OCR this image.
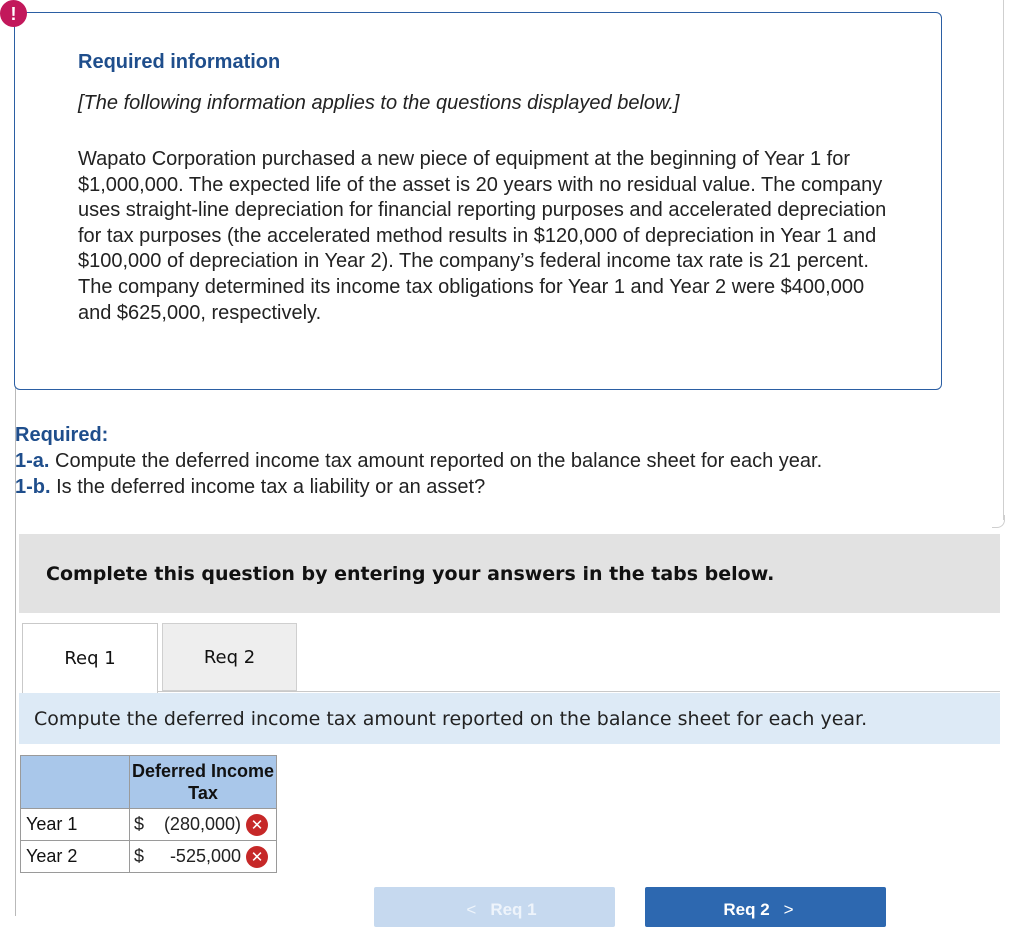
!
Required information
[The following information applies to the questions displayed below.]
Wapato Corporation purchased a new piece of equipment at the beginning of Year 1 for $1,000,000. The expected life of the asset is 20 years with no residual value. The company uses straight-line depreciation for financial reporting purposes and accelerated depreciation for tax purposes (the accelerated method results in $120,000 of depreciation in Year 1 and $100,000 of depreciation in Year 2). The company’s federal income tax rate is 21 percent. The company determined its income tax obligations for Year 1 and Year 2 were $400,000 and $625,000, respectively.
Required:
1-a. Compute the deferred income tax amount reported on the balance sheet for each year.
1-b. Is the deferred income tax a liability or an asset?
Complete this question by entering your answers in the tabs below.
Req 1	Req 2
Compute the deferred income tax amount reported on the balance sheet for each year.
	Deferred Income Tax
Year 1	$ (280,000) ✕

Year 2	$ -525,000 ✕
< Req 1	Req 2 >
